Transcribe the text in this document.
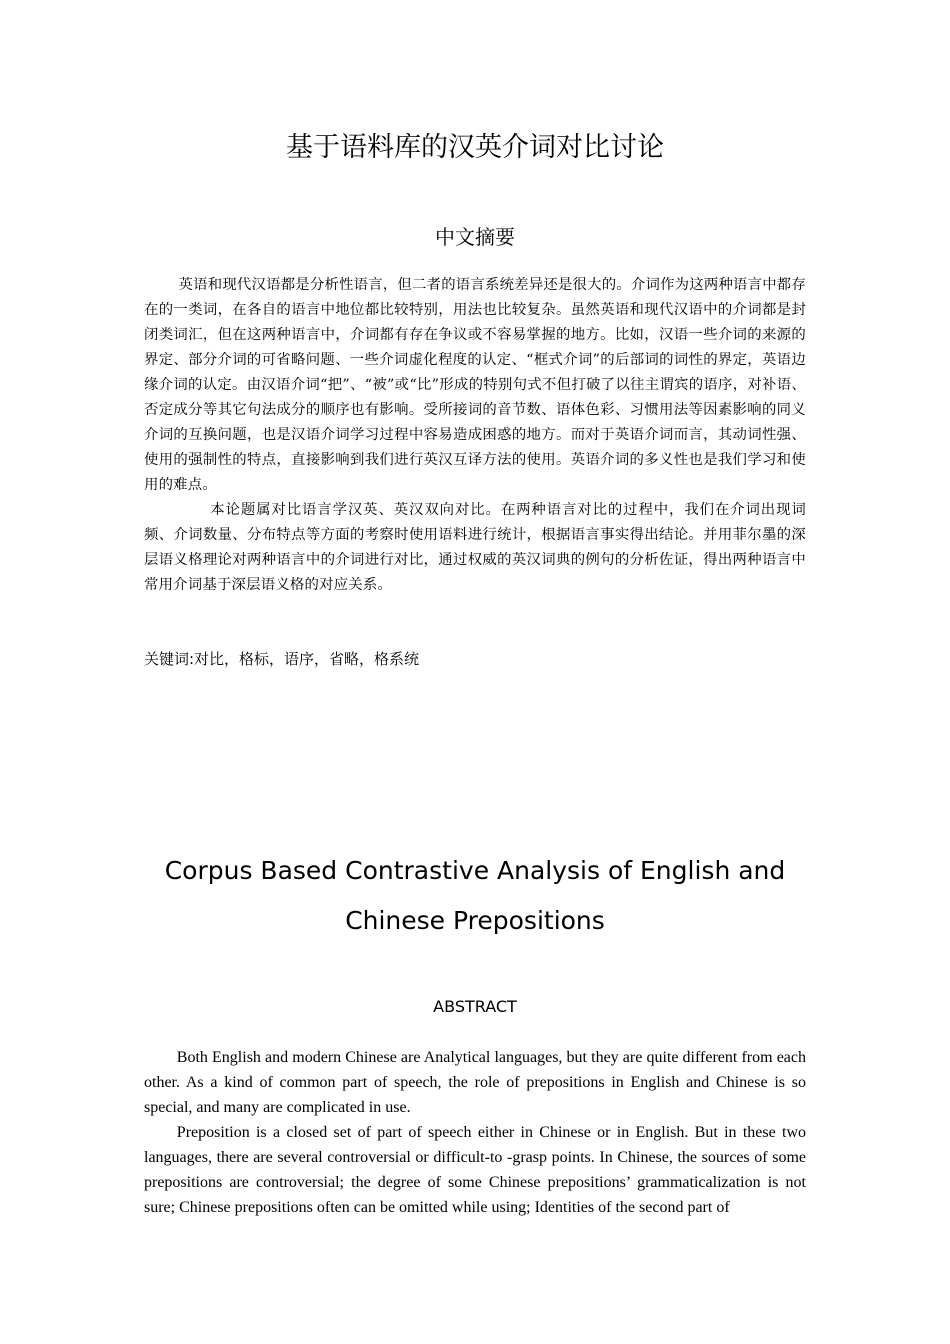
基于语料库的汉英介词对比讨论
中文摘要

英语和现代汉语都是分析性语言，但二者的语言系统差异还是很大的。介词作为这两种语言中都存在的一类词，在各自的语言中地位都比较特别，用法也比较复杂。虽然英语和现代汉语中的介词都是封闭类词汇，但在这两种语言中，介词都有存在争议或不容易掌握的地方。比如，汉语一些介词的来源的界定、部分介词的可省略问题、一些介词虚化程度的认定、“框式介词”的后部词的词性的界定，英语边缘介词的认定。由汉语介词“把”、“被”或“比”形成的特别句式不但打破了以往主谓宾的语序，对补语、否定成分等其它句法成分的顺序也有影响。受所接词的音节数、语体色彩、习惯用法等因素影响的同义介词的互换问题，也是汉语介词学习过程中容易造成困惑的地方。而对于英语介词而言，其动词性强、使用的强制性的特点，直接影响到我们进行英汉互译方法的使用。英语介词的多义性也是我们学习和使用的难点。

本论题属对比语言学汉英、英汉双向对比。在两种语言对比的过程中，我们在介词出现词频、介词数量、分布特点等方面的考察时使用语料进行统计，根据语言事实得出结论。并用菲尔墨的深层语义格理论对两种语言中的介词进行对比，通过权威的英汉词典的例句的分析佐证，得出两种语言中常用介词基于深层语义格的对应关系。

关键词:对比，格标，语序，省略，格系统
Corpus Based Contrastive Analysis of English and
Chinese Prepositions
ABSTRACT

Both English and modern Chinese are Analytical languages, but they are quite different from each other. As a kind of common part of speech, the role of prepositions in English and Chinese is so special, and many are complicated in use.

Preposition is a closed set of part of speech either in Chinese or in English. But in these two languages, there are several controversial or difficult-to -grasp points. In Chinese, the sources of some prepositions are controversial; the degree of some Chinese prepositions’ grammaticalization is not sure; Chinese prepositions often can be omitted while using; Identities of the second part of
